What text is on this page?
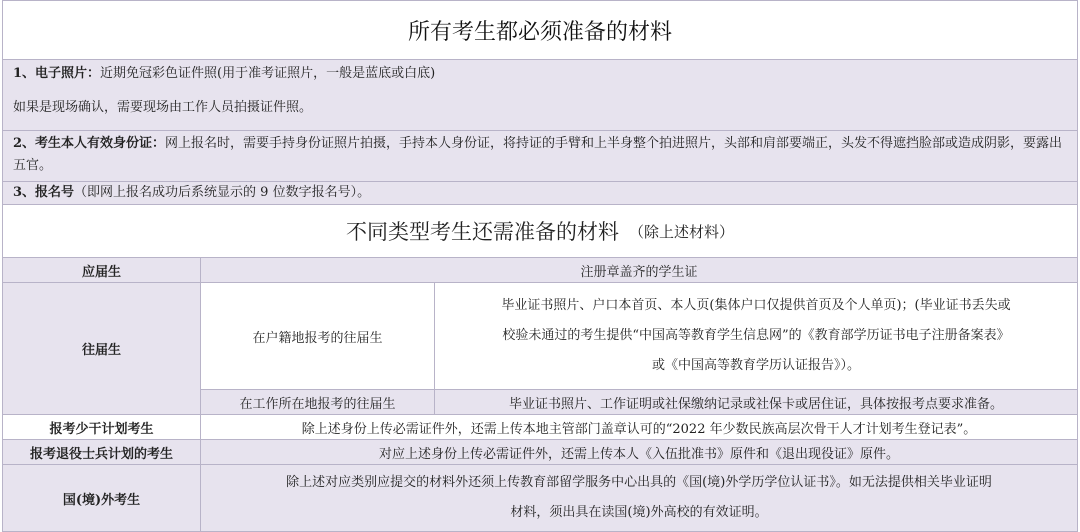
所有考生都必须准备的材料
1、电子照片：近期免冠彩色证件照(用于准考证照片，一般是蓝底或白底)
如果是现场确认，需要现场由工作人员拍摄证件照。
2、考生本人有效身份证：网上报名时，需要手持身份证照片拍摄，手持本人身份证，将持证的手臂和上半身整个拍进照片，头部和肩部要端正，头发不得遮挡脸部或造成阴影，要露出五官。
3、报名号（即网上报名成功后系统显示的 9 位数字报名号）。
不同类型考生还需准备的材料 （除上述材料）
应届生	注册章盖齐的学生证	
往届生	在户籍地报考的往届生	毕业证书照片、户口本首页、本人页(集体户口仅提供首页及个人单页)；(毕业证书丢失或
校验未通过的考生提供“中国高等教育学生信息网”的《教育部学历证书电子注册备案表》
或《中国高等教育学历认证报告》）。

	在工作所在地报考的往届生	毕业证书照片、工作证明或社保缴纳记录或社保卡或居住证，具体按报考点要求准备。
报考少干计划考生	除上述身份上传必需证件外，还需上传本地主管部门盖章认可的“2022 年少数民族高层次骨干人才计划考生登记表”。	
报考退役士兵计划的考生	对应上述身份上传必需证件外，还需上传本人《入伍批准书》原件和《退出现役证》原件。	
国(境)外考生	除上述对应类别应提交的材料外还须上传教育部留学服务中心出具的《国(境)外学历学位认证书》。如无法提供相关毕业证明
材料，须出具在读国(境)外高校的有效证明。	
